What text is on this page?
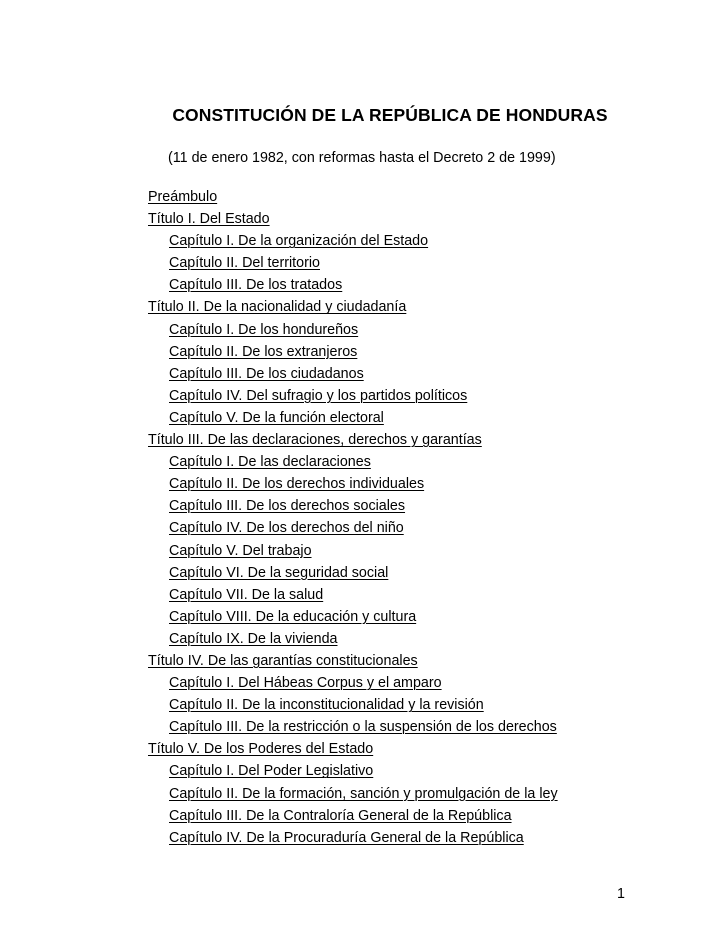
CONSTITUCIÓN DE LA REPÚBLICA DE HONDURAS
(11 de enero 1982, con reformas hasta el Decreto 2 de 1999)
Preámbulo
Título I. Del Estado
Capítulo I. De la organización del Estado
Capítulo II. Del territorio
Capítulo III. De los tratados
Título II. De la nacionalidad y ciudadanía
Capítulo I. De los hondureños
Capítulo II. De los extranjeros
Capítulo III. De los ciudadanos
Capítulo IV. Del sufragio y los partidos políticos
Capítulo V. De la función electoral
Título III. De las declaraciones, derechos y garantías
Capítulo I. De las declaraciones
Capítulo II. De los derechos individuales
Capítulo III. De los derechos sociales
Capítulo IV. De los derechos del niño
Capítulo V. Del trabajo
Capítulo VI. De la seguridad social
Capítulo VII. De la salud
Capítulo VIII. De la educación y cultura
Capítulo IX. De la vivienda
Título IV. De las garantías constitucionales
Capítulo I. Del Hábeas Corpus y el amparo
Capítulo II. De la inconstitucionalidad y la revisión
Capítulo III. De la restricción o la suspensión de los derechos
Título V. De los Poderes del Estado
Capítulo I. Del Poder Legislativo
Capítulo II. De la formación, sanción y promulgación de la ley
Capítulo III. De la Contraloría General de la República
Capítulo IV. De la Procuraduría General de la República
1
